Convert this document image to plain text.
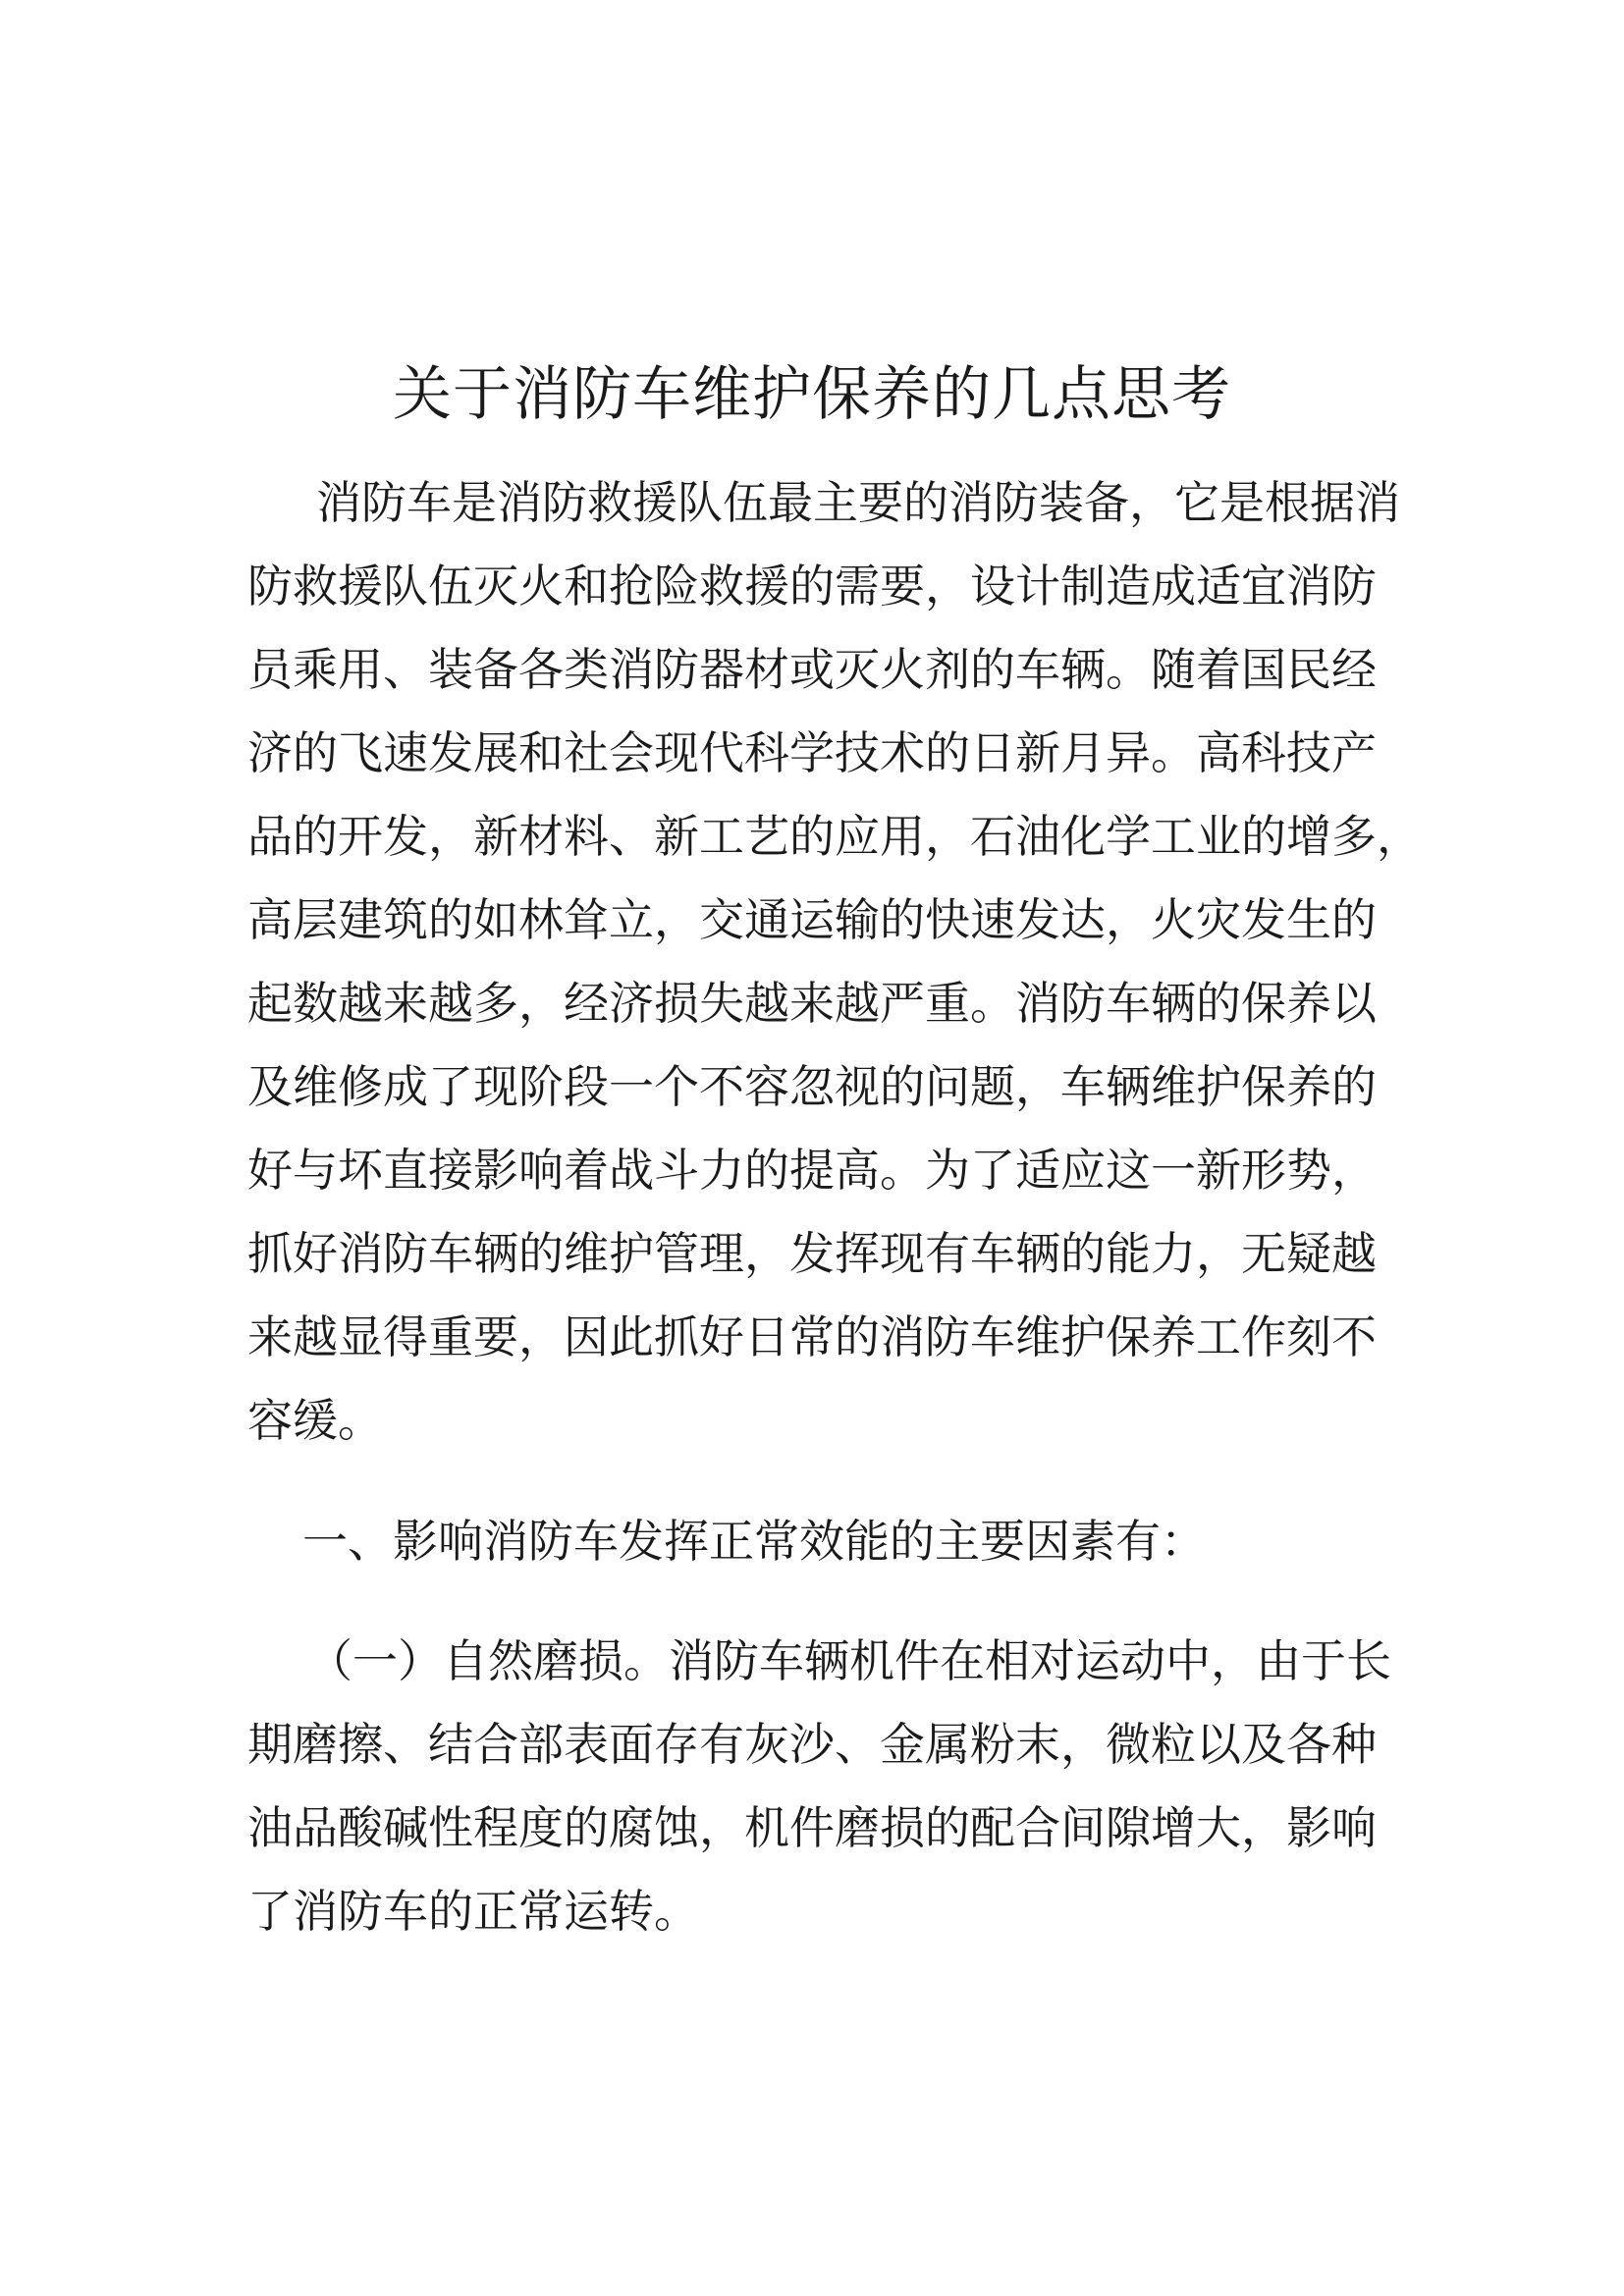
关于消防车维护保养的几点思考

消防车是消防救援队伍最主要的消防装备，它是根据消

防救援队伍灭火和抢险救援的需要，设计制造成适宜消防

员乘用、装备各类消防器材或灭火剂的车辆。随着国民经

济的飞速发展和社会现代科学技术的日新月异。高科技产

品的开发，新材料、新工艺的应用，石油化学工业的增多，

高层建筑的如林耸立，交通运输的快速发达，火灾发生的

起数越来越多，经济损失越来越严重。消防车辆的保养以

及维修成了现阶段一个不容忽视的问题，车辆维护保养的

好与坏直接影响着战斗力的提高。为了适应这一新形势，

抓好消防车辆的维护管理，发挥现有车辆的能力，无疑越

来越显得重要，因此抓好日常的消防车维护保养工作刻不

容缓。

一、影响消防车发挥正常效能的主要因素有：

（一）自然磨损。消防车辆机件在相对运动中，由于长

期磨擦、结合部表面存有灰沙、金属粉末，微粒以及各种

油品酸碱性程度的腐蚀，机件磨损的配合间隙增大，影响

了消防车的正常运转。
